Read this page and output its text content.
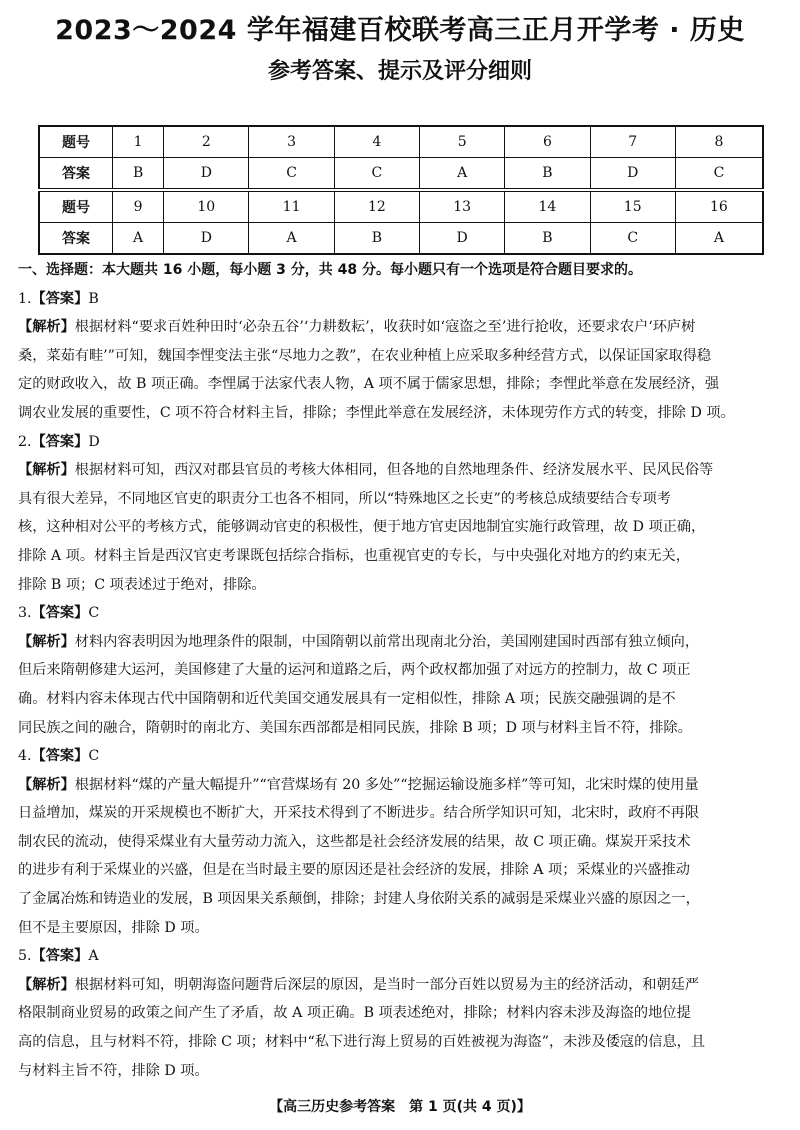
2023～2024 学年福建百校联考高三正月开学考 · 历史
参考答案、提示及评分细则
题号	1	2	3	4	5	6	7	8
答案	B	D	C	C	A	B	D	C
题号	9	10	11	12	13	14	15	16
答案	A	D	A	B	D	B	C	A
一、选择题：本大题共 16 小题，每小题 3 分，共 48 分。每小题只有一个选项是符合题目要求的。
1.【答案】B
【解析】根据材料“要求百姓种田时‘必杂五谷’‘力耕数耘’，收获时如‘寇盗之至’进行抢收，还要求农户‘环庐树
桑，菜茹有畦’”可知，魏国李悝变法主张“尽地力之教”，在农业种植上应采取多种经营方式，以保证国家取得稳
定的财政收入，故 B 项正确。李悝属于法家代表人物，A 项不属于儒家思想，排除；李悝此举意在发展经济，强
调农业发展的重要性，C 项不符合材料主旨，排除；李悝此举意在发展经济，未体现劳作方式的转变，排除 D 项。
2.【答案】D
【解析】根据材料可知，西汉对郡县官员的考核大体相同，但各地的自然地理条件、经济发展水平、民风民俗等
具有很大差异，不同地区官吏的职责分工也各不相同，所以“特殊地区之长吏”的考核总成绩要结合专项考
核，这种相对公平的考核方式，能够调动官吏的积极性，便于地方官吏因地制宜实施行政管理，故 D 项正确，
排除 A 项。材料主旨是西汉官吏考课既包括综合指标，也重视官吏的专长，与中央强化对地方的约束无关，
排除 B 项；C 项表述过于绝对，排除。
3.【答案】C
【解析】材料内容表明因为地理条件的限制，中国隋朝以前常出现南北分治，美国刚建国时西部有独立倾向，
但后来隋朝修建大运河，美国修建了大量的运河和道路之后，两个政权都加强了对远方的控制力，故 C 项正
确。材料内容未体现古代中国隋朝和近代美国交通发展具有一定相似性，排除 A 项；民族交融强调的是不
同民族之间的融合，隋朝时的南北方、美国东西部都是相同民族，排除 B 项；D 项与材料主旨不符，排除。
4.【答案】C
【解析】根据材料“煤的产量大幅提升”“官营煤场有 20 多处”“挖掘运输设施多样”等可知，北宋时煤的使用量
日益增加，煤炭的开采规模也不断扩大，开采技术得到了不断进步。结合所学知识可知，北宋时，政府不再限
制农民的流动，使得采煤业有大量劳动力流入，这些都是社会经济发展的结果，故 C 项正确。煤炭开采技术
的进步有利于采煤业的兴盛，但是在当时最主要的原因还是社会经济的发展，排除 A 项；采煤业的兴盛推动
了金属冶炼和铸造业的发展，B 项因果关系颠倒，排除；封建人身依附关系的减弱是采煤业兴盛的原因之一，
但不是主要原因，排除 D 项。
5.【答案】A
【解析】根据材料可知，明朝海盗问题背后深层的原因，是当时一部分百姓以贸易为主的经济活动，和朝廷严
格限制商业贸易的政策之间产生了矛盾，故 A 项正确。B 项表述绝对，排除；材料内容未涉及海盗的地位提
高的信息，且与材料不符，排除 C 项；材料中“私下进行海上贸易的百姓被视为海盗”，未涉及倭寇的信息，且
与材料主旨不符，排除 D 项。
【高三历史参考答案　第 1 页(共 4 页)】
